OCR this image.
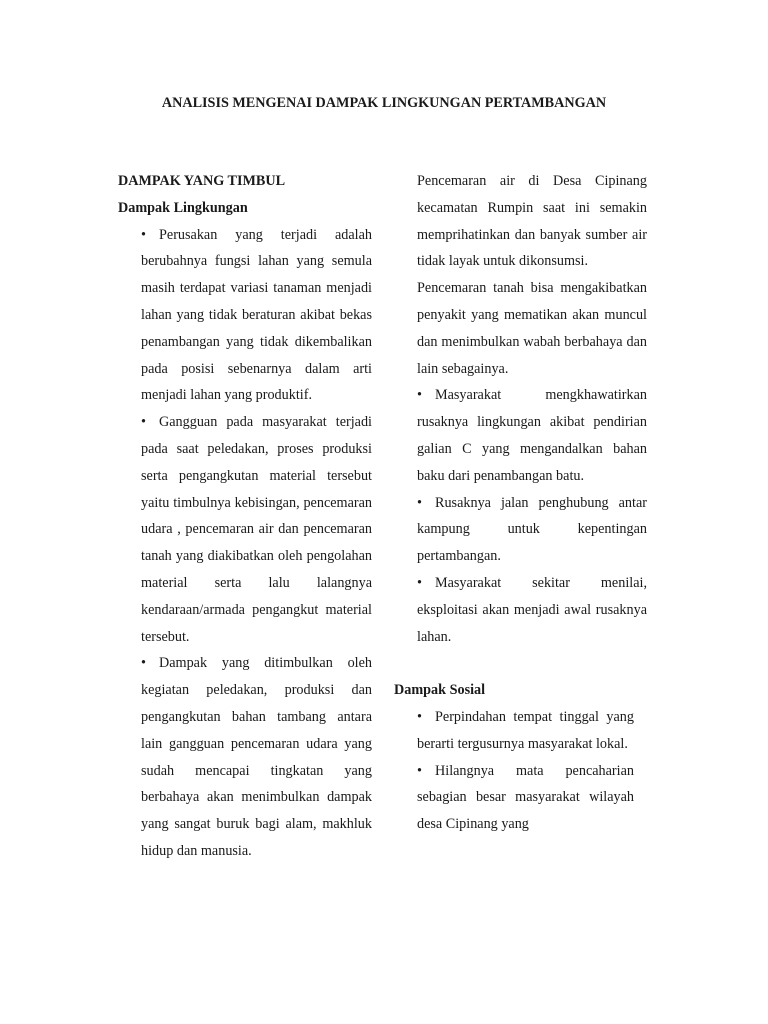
ANALISIS MENGENAI DAMPAK LINGKUNGAN PERTAMBANGAN

DAMPAK YANG TIMBUL

Dampak Lingkungan

• Perusakan yang terjadi adalah berubahnya fungsi lahan yang semula masih terdapat variasi tanaman menjadi lahan yang tidak beraturan akibat bekas penambangan yang tidak dikembalikan pada posisi sebenarnya dalam arti menjadi lahan yang produktif.
• Gangguan pada masyarakat terjadi pada saat peledakan, proses produksi serta pengangkutan material tersebut yaitu timbulnya kebisingan, pencemaran udara , pencemaran air dan pencemaran tanah yang diakibatkan oleh pengolahan material serta lalu lalangnya kendaraan/armada pengangkut material tersebut.
• Dampak yang ditimbulkan oleh kegiatan peledakan, produksi dan pengangkutan bahan tambang antara lain gangguan pencemaran udara yang sudah mencapai tingkatan yang berbahaya akan menimbulkan dampak yang sangat buruk bagi alam, makhluk hidup dan manusia.

Pencemaran air di Desa Cipinang kecamatan Rumpin saat ini semakin memprihatinkan dan banyak sumber air tidak layak untuk dikonsumsi.

Pencemaran tanah bisa mengakibatkan penyakit yang mematikan akan muncul dan menimbulkan wabah berbahaya dan lain sebagainya.

• Masyarakat mengkhawatirkan rusaknya lingkungan akibat pendirian galian C yang mengandalkan bahan baku dari penambangan batu.
• Rusaknya jalan penghubung antar kampung untuk kepentingan pertambangan.
• Masyarakat sekitar menilai, eksploitasi akan menjadi awal rusaknya lahan.

Dampak Sosial

• Perpindahan tempat tinggal yang berarti tergusurnya masyarakat lokal.
• Hilangnya mata pencaharian sebagian besar masyarakat wilayah desa Cipinang yang
